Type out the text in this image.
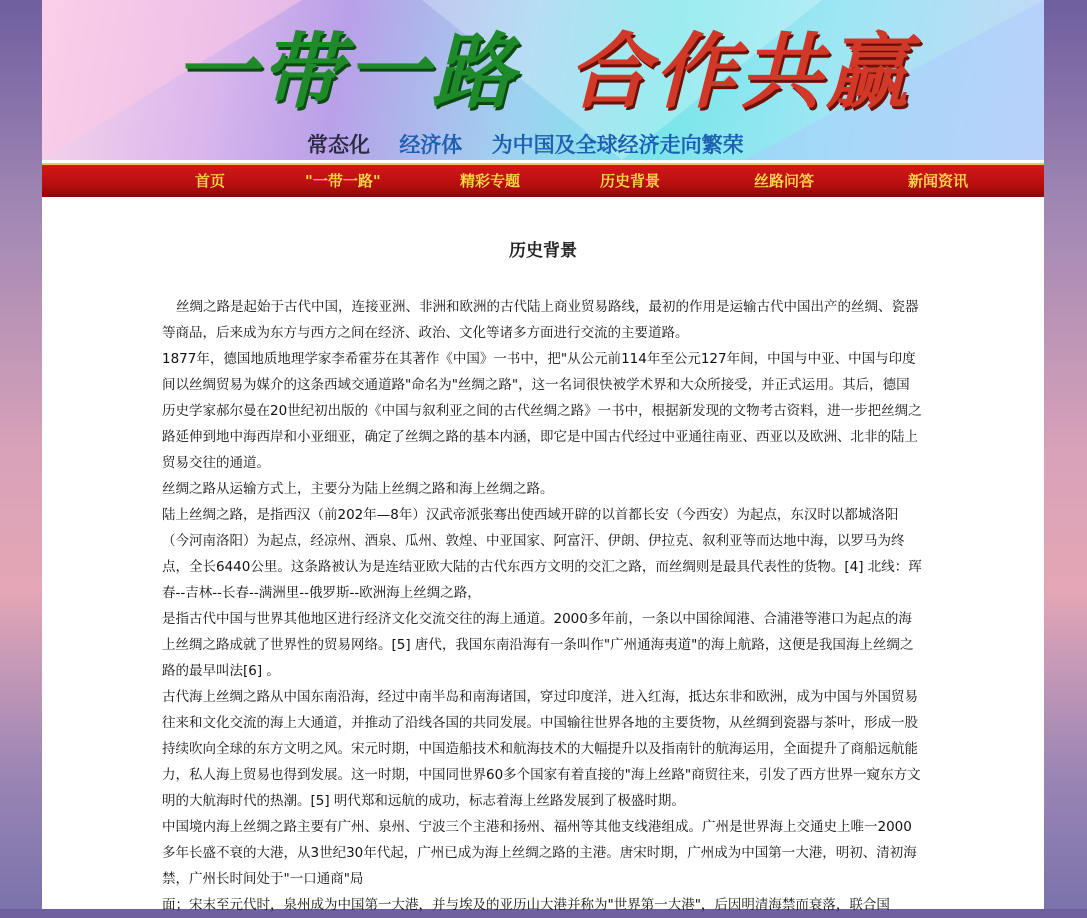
一带一路 合作共赢
常态化 经济体 为中国及全球经济走向繁荣
首页	"一带一路"	精彩专题	历史背景	丝路问答	新闻资讯
历史背景

丝绸之路是起始于古代中国，连接亚洲、非洲和欧洲的古代陆上商业贸易路线，最初的作用是运输古代中国出产的丝绸、瓷器等商品，后来成为东方与西方之间在经济、政治、文化等诸多方面进行交流的主要道路。

1877年，德国地质地理学家李希霍芬在其著作《中国》一书中，把"从公元前114年至公元127年间，中国与中亚、中国与印度间以丝绸贸易为媒介的这条西域交通道路"命名为"丝绸之路"，这一名词很快被学术界和大众所接受，并正式运用。其后，德国历史学家郝尔曼在20世纪初出版的《中国与叙利亚之间的古代丝绸之路》一书中，根据新发现的文物考古资料，进一步把丝绸之路延伸到地中海西岸和小亚细亚，确定了丝绸之路的基本内涵，即它是中国古代经过中亚通往南亚、西亚以及欧洲、北非的陆上贸易交往的通道。

丝绸之路从运输方式上，主要分为陆上丝绸之路和海上丝绸之路。

陆上丝绸之路，是指西汉（前202年—8年）汉武帝派张骞出使西域开辟的以首都长安（今西安）为起点，东汉时以都城洛阳（今河南洛阳）为起点，经凉州、酒泉、瓜州、敦煌、中亚国家、阿富汗、伊朗、伊拉克、叙利亚等而达地中海，以罗马为终点，全长6440公里。这条路被认为是连结亚欧大陆的古代东西方文明的交汇之路，而丝绸则是最具代表性的货物。[4] 北线：珲春--吉林--长春--满洲里--俄罗斯--欧洲海上丝绸之路，

是指古代中国与世界其他地区进行经济文化交流交往的海上通道。2000多年前，一条以中国徐闻港、合浦港等港口为起点的海上丝绸之路成就了世界性的贸易网络。[5] 唐代，我国东南沿海有一条叫作"广州通海夷道"的海上航路，这便是我国海上丝绸之路的最早叫法[6] 。

古代海上丝绸之路从中国东南沿海，经过中南半岛和南海诸国，穿过印度洋，进入红海，抵达东非和欧洲，成为中国与外国贸易往来和文化交流的海上大通道，并推动了沿线各国的共同发展。中国输往世界各地的主要货物，从丝绸到瓷器与茶叶，形成一股持续吹向全球的东方文明之风。宋元时期，中国造船技术和航海技术的大幅提升以及指南针的航海运用，全面提升了商船远航能力，私人海上贸易也得到发展。这一时期，中国同世界60多个国家有着直接的"海上丝路"商贸往来，引发了西方世界一窥东方文明的大航海时代的热潮。[5] 明代郑和远航的成功，标志着海上丝路发展到了极盛时期。

中国境内海上丝绸之路主要有广州、泉州、宁波三个主港和扬州、福州等其他支线港组成。广州是世界海上交通史上唯一2000多年长盛不衰的大港，从3世纪30年代起，广州已成为海上丝绸之路的主港。唐宋时期，广州成为中国第一大港，明初、清初海禁，广州长时间处于"一口通商"局

面；宋末至元代时，泉州成为中国第一大港，并与埃及的亚历山大港并称为"世界第一大港"，后因明清海禁而衰落，联合国
